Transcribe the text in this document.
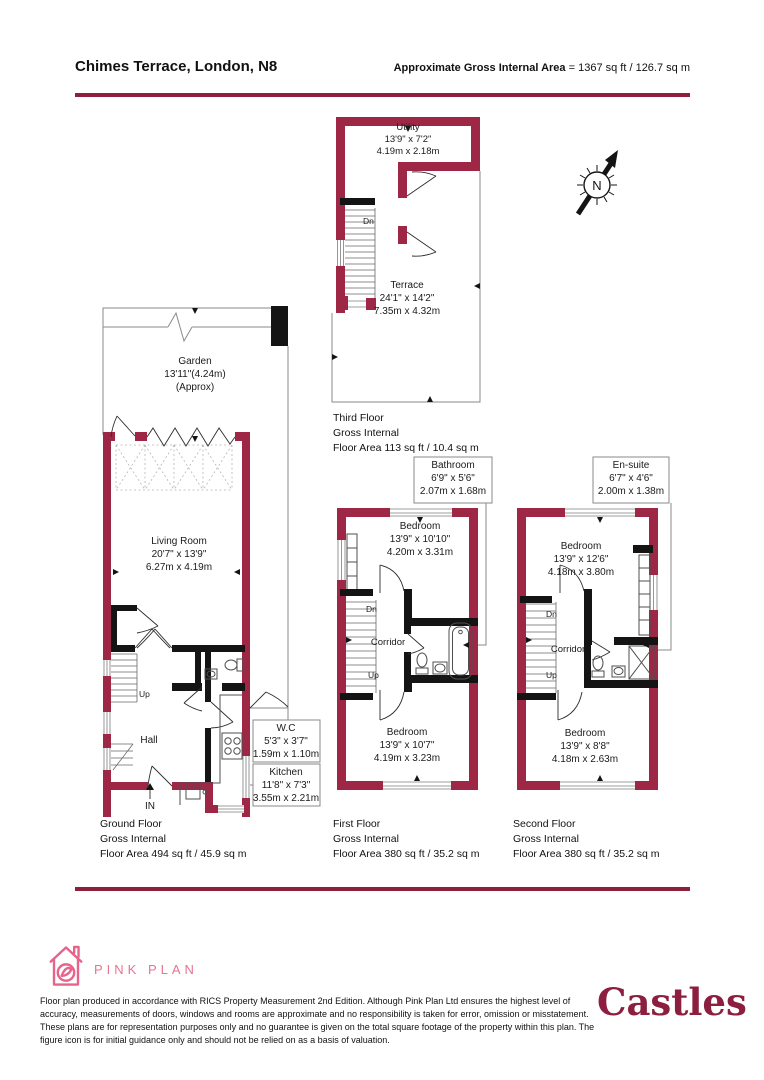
N
Chimes Terrace, London, N8	Approximate Gross Internal Area = 1367 sq ft / 126.7 sq m
Utility
13'9" x 7'2"
4.19m x 2.18m
Dn
Terrace
24'1" x 14'2"
7.35m x 4.32m
Third Floor
Gross Internal
Floor Area 113 sq ft / 10.4 sq m
Garden
13'11"(4.24m)
(Approx)
Living Room
20'7" x 13'9"
6.27m x 4.19m
Up
Hall
IN
W.C
5'3" x 3'7"
1.59m x 1.10m
Kitchen
11'8" x 7'3"
3.55m x 2.21m
Ground Floor
Gross Internal
Floor Area 494 sq ft / 45.9 sq m
Bathroom
6'9" x 5'6"
2.07m x 1.68m
Bedroom
13'9" x 10'10"
4.20m x 3.31m
Dn
Corridor
Up
Bedroom
13'9" x 10'7"
4.19m x 3.23m
First Floor
Gross Internal
Floor Area 380 sq ft / 35.2 sq m
En-suite
6'7" x 4'6"
2.00m x 1.38m
Bedroom
13'9" x 12'6"
4.18m x 3.80m
Dn
Corridor
Up
Bedroom
13'9" x 8'8"
4.18m x 2.63m
Second Floor
Gross Internal
Floor Area 380 sq ft / 35.2 sq m
PINK PLAN
Floor plan produced in accordance with RICS Property Measurement 2nd Edition. Although Pink Plan Ltd ensures the highest level of accuracy, measurements of doors, windows and rooms are approximate and no responsibility is taken for error, omission or misstatement. These plans are for representation purposes only and no guarantee is given on the total square footage of the property within this plan. The figure icon is for initial guidance only and should not be relied on as a basis of valuation.
Castles
